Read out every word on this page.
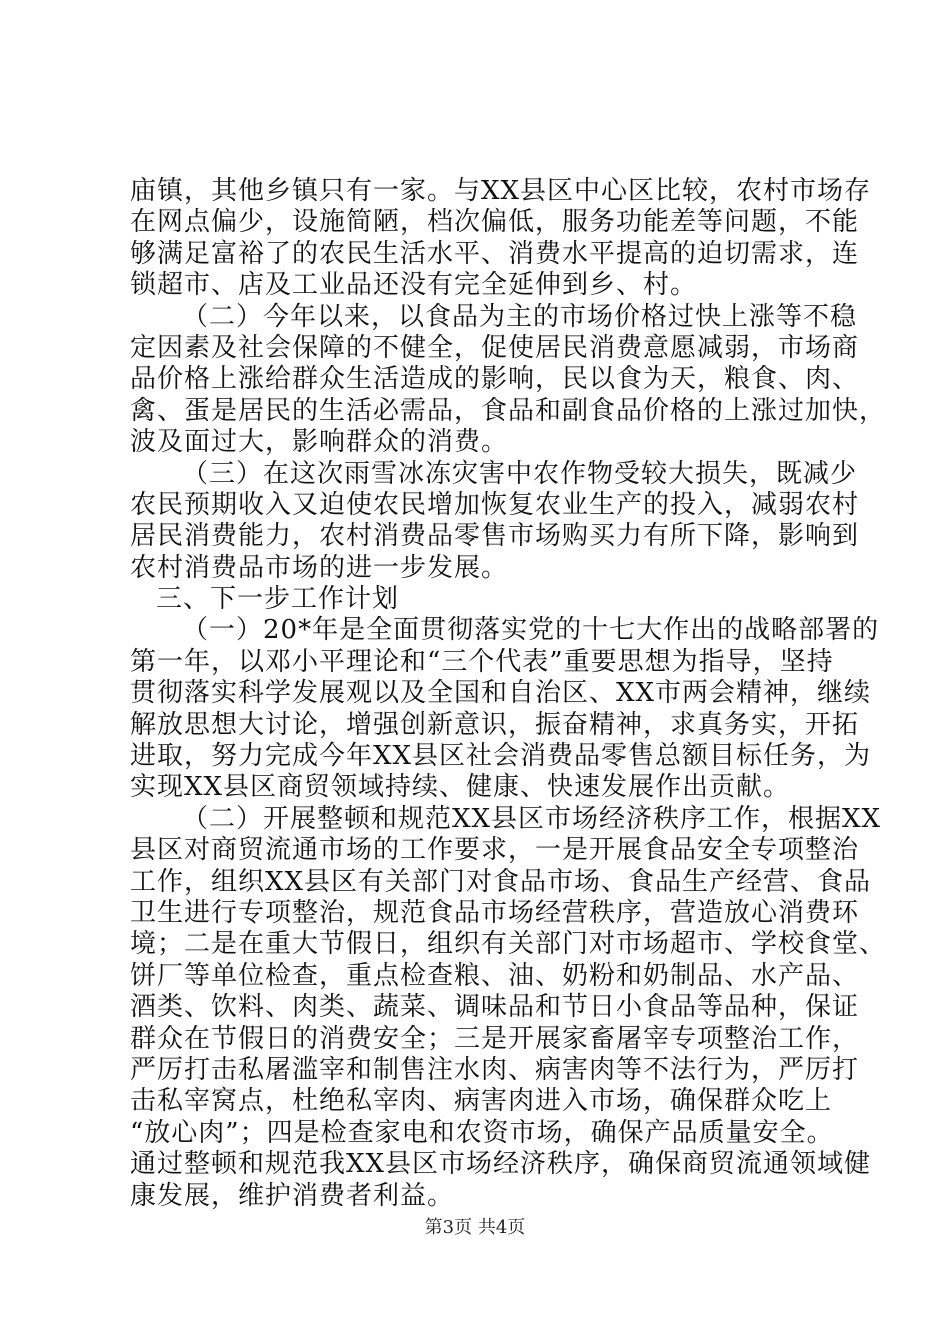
庙镇，其他乡镇只有一家。与XX县区中心区比较，农村市场存
在网点偏少，设施简陋，档次偏低，服务功能差等问题，不能
够满足富裕了的农民生活水平、消费水平提高的迫切需求，连
锁超市、店及工业品还没有完全延伸到乡、村。
（二）今年以来，以食品为主的市场价格过快上涨等不稳
定因素及社会保障的不健全，促使居民消费意愿减弱，市场商
品价格上涨给群众生活造成的影响，民以食为天，粮食、肉、
禽、蛋是居民的生活必需品，食品和副食品价格的上涨过加快，
波及面过大，影响群众的消费。
（三）在这次雨雪冰冻灾害中农作物受较大损失，既减少
农民预期收入又迫使农民增加恢复农业生产的投入，减弱农村
居民消费能力，农村消费品零售市场购买力有所下降，影响到
农村消费品市场的进一步发展。
三、下一步工作计划
（一）20*年是全面贯彻落实党的十七大作出的战略部署的
第一年，以邓小平理论和“三个代表”重要思想为指导，坚持
贯彻落实科学发展观以及全国和自治区、XX市两会精神，继续
解放思想大讨论，增强创新意识，振奋精神，求真务实，开拓
进取，努力完成今年XX县区社会消费品零售总额目标任务，为
实现XX县区商贸领域持续、健康、快速发展作出贡献。
（二）开展整顿和规范XX县区市场经济秩序工作，根据XX
县区对商贸流通市场的工作要求，一是开展食品安全专项整治
工作，组织XX县区有关部门对食品市场、食品生产经营、食品
卫生进行专项整治，规范食品市场经营秩序，营造放心消费环
境；二是在重大节假日，组织有关部门对市场超市、学校食堂、
饼厂等单位检查，重点检查粮、油、奶粉和奶制品、水产品、
酒类、饮料、肉类、蔬菜、调味品和节日小食品等品种，保证
群众在节假日的消费安全；三是开展家畜屠宰专项整治工作，
严厉打击私屠滥宰和制售注水肉、病害肉等不法行为，严厉打
击私宰窝点，杜绝私宰肉、病害肉进入市场，确保群众吃上
“放心肉”；四是检查家电和农资市场，确保产品质量安全。
通过整顿和规范我XX县区市场经济秩序，确保商贸流通领域健
康发展，维护消费者利益。
第3页 共4页
